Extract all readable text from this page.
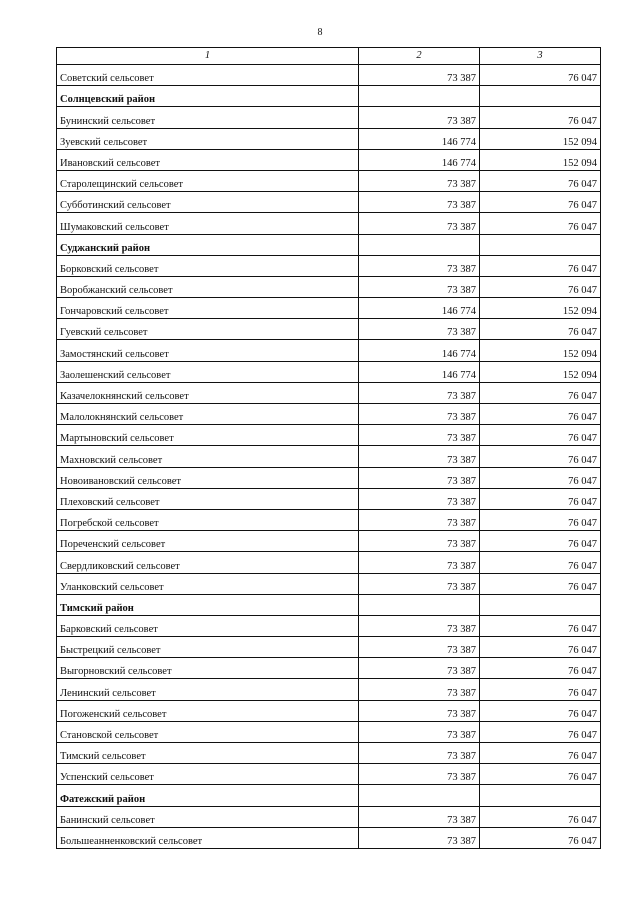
8
1	2	3
Советский сельсовет	73 387	76 047
Солнцевский район		
Бунинский сельсовет	73 387	76 047
Зуевский сельсовет	146 774	152 094
Ивановский сельсовет	146 774	152 094
Старолещинский сельсовет	73 387	76 047
Субботинский сельсовет	73 387	76 047
Шумаковский сельсовет	73 387	76 047
Суджанский район		
Борковский сельсовет	73 387	76 047
Воробжанский сельсовет	73 387	76 047
Гончаровский сельсовет	146 774	152 094
Гуевский сельсовет	73 387	76 047
Замостянский сельсовет	146 774	152 094
Заолешенский сельсовет	146 774	152 094
Казачелокнянский сельсовет	73 387	76 047
Малолокнянский сельсовет	73 387	76 047
Мартыновский сельсовет	73 387	76 047
Махновский сельсовет	73 387	76 047
Новоивановский сельсовет	73 387	76 047
Плеховский сельсовет	73 387	76 047
Погребской сельсовет	73 387	76 047
Пореченский сельсовет	73 387	76 047
Свердликовский сельсовет	73 387	76 047
Уланковский сельсовет	73 387	76 047
Тимский район		
Барковский сельсовет	73 387	76 047
Быстрецкий сельсовет	73 387	76 047
Выгорновский сельсовет	73 387	76 047
Ленинский сельсовет	73 387	76 047
Погоженский сельсовет	73 387	76 047
Становской сельсовет	73 387	76 047
Тимский сельсовет	73 387	76 047
Успенский сельсовет	73 387	76 047
Фатежский район		
Банинский сельсовет	73 387	76 047
Большеанненковский сельсовет	73 387	76 047
